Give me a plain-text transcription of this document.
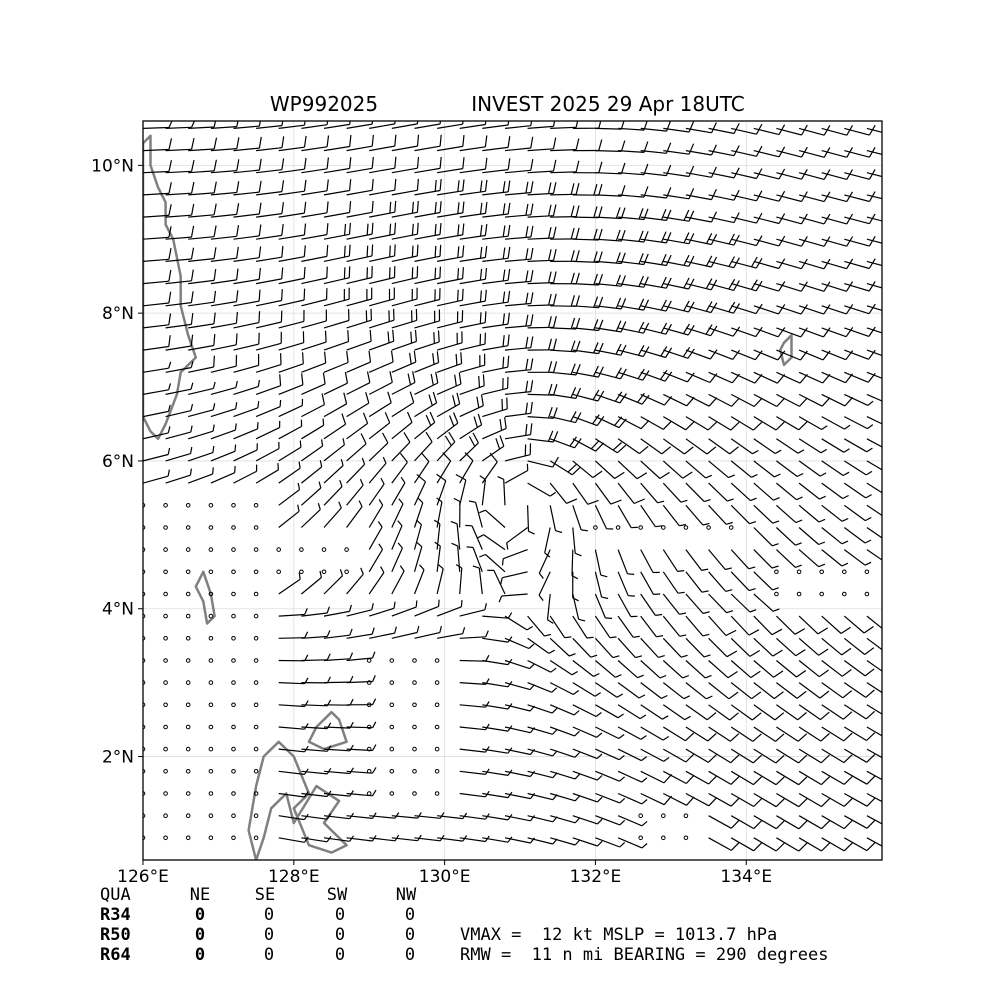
WP992025	INVEST 2025 29 Apr 18UTC
126°E	128°E	130°E	132°E	134°E
2°N
4°N
6°N
8°N
10°N
QUA	NE	SE	SW	NW
R34	0	0	0	0
R50	0	0	0	0
R64	0	0	0	0
VMAX =  12 kt MSLP = 1013.7 hPa
RMW =  11 n mi BEARING = 290 degrees
